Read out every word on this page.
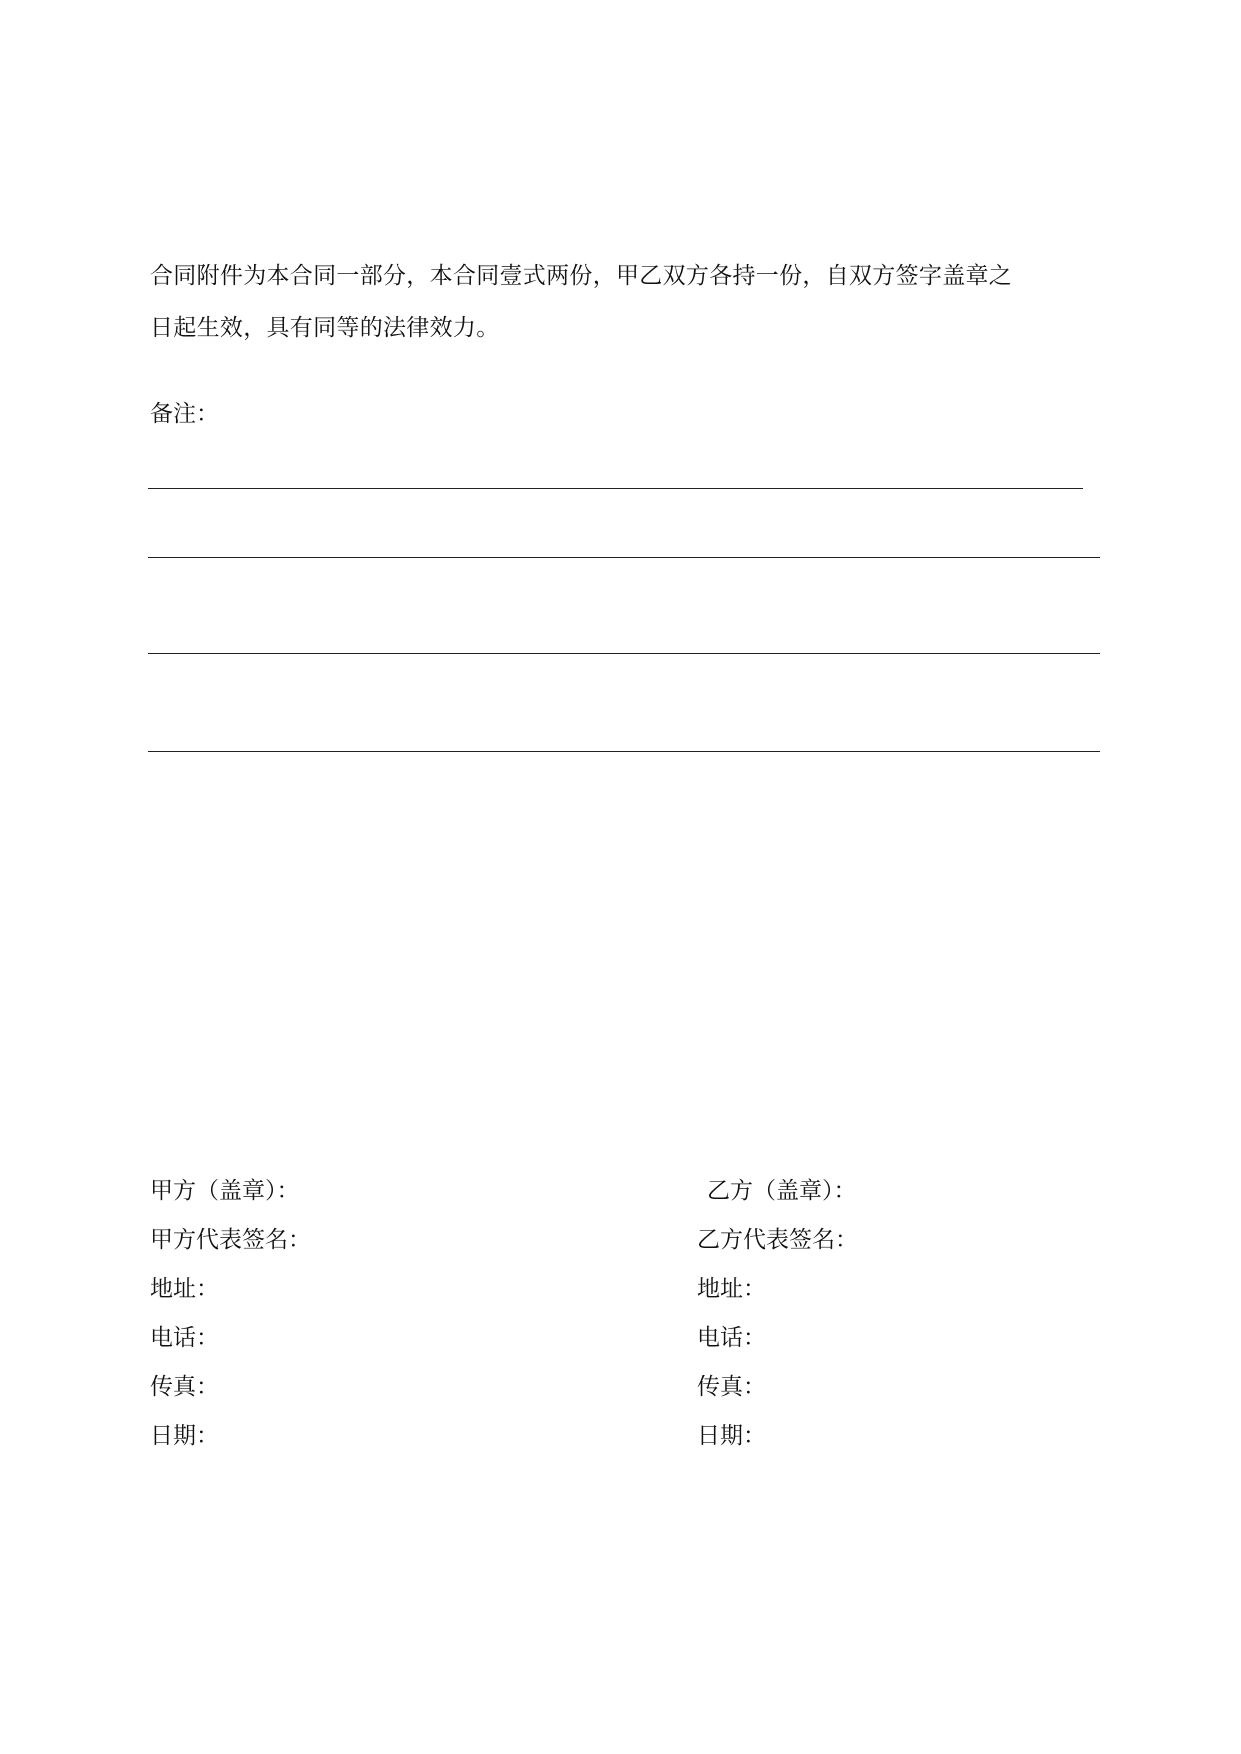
合同附件为本合同一部分，本合同壹式两份，甲乙双方各持一份，自双方签字盖章之
日起生效，具有同等的法律效力。
备注：
甲方（盖章）：
甲方代表签名：
地址：
电话：
传真：
日期：
乙方（盖章）：
乙方代表签名：
地址：
电话：
传真：
日期：
